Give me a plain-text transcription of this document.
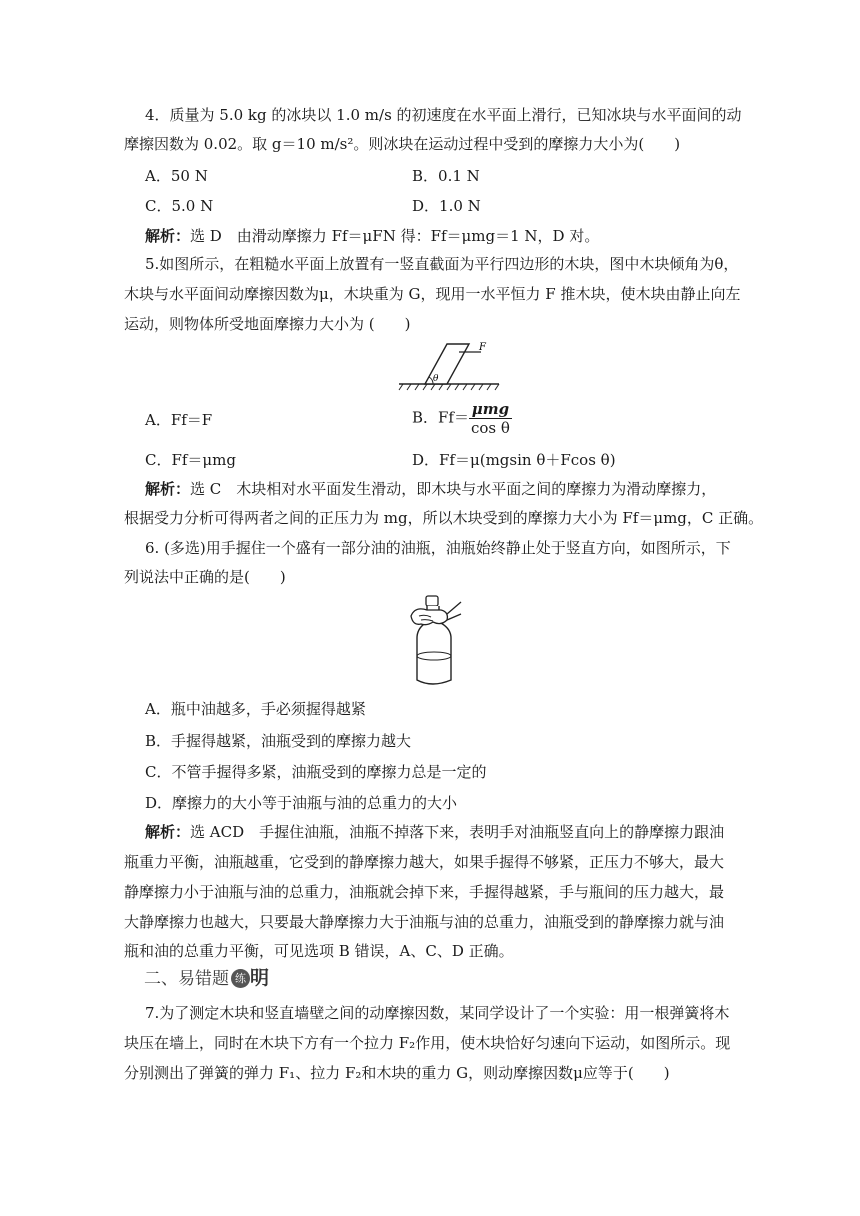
4．质量为 5.0 kg 的冰块以 1.0 m/s 的初速度在水平面上滑行，已知冰块与水平面间的动
摩擦因数为 0.02。取 g＝10 m/s²。则冰块在运动过程中受到的摩擦力大小为(　　)
A．50 N	B．0.1 N
C．5.0 N	D．1.0 N
解析：选 D　由滑动摩擦力 Ff＝μFN 得：Ff＝μmg＝1 N，D 对。
5.如图所示，在粗糙水平面上放置有一竖直截面为平行四边形的木块，图中木块倾角为θ，
木块与水平面间动摩擦因数为μ，木块重为 G，现用一水平恒力 F 推木块，使木块由静止向左
运动，则物体所受地面摩擦力大小为 (　　)
F
θ
A．Ff＝F	B．$Ff= \frac{\text{μmg}}{\text{cos θ}}$
C．Ff＝μmg	D．Ff＝μ(mgsin θ＋Fcos θ)
解析：选 C　木块相对水平面发生滑动，即木块与水平面之间的摩擦力为滑动摩擦力，
根据受力分析可得两者之间的正压力为 mg，所以木块受到的摩擦力大小为 Ff＝μmg，C 正确。
6. (多选)用手握住一个盛有一部分油的油瓶，油瓶始终静止处于竖直方向，如图所示，下
列说法中正确的是(　　)
A．瓶中油越多，手必须握得越紧
B．手握得越紧，油瓶受到的摩擦力越大
C．不管手握得多紧，油瓶受到的摩擦力总是一定的
D．摩擦力的大小等于油瓶与油的总重力的大小
解析：选 ACD　手握住油瓶，油瓶不掉落下来，表明手对油瓶竖直向上的静摩擦力跟油
瓶重力平衡，油瓶越重，它受到的静摩擦力越大，如果手握得不够紧，正压力不够大，最大
静摩擦力小于油瓶与油的总重力，油瓶就会掉下来，手握得越紧，手与瓶间的压力越大，最
大静摩擦力也越大，只要最大静摩擦力大于油瓶与油的总重力，油瓶受到的静摩擦力就与油
瓶和油的总重力平衡，可见选项 B 错误，A、C、D 正确。
二、易错题 练 明
7.为了测定木块和竖直墙壁之间的动摩擦因数，某同学设计了一个实验：用一根弹簧将木
块压在墙上，同时在木块下方有一个拉力 F₂作用，使木块恰好匀速向下运动，如图所示。现
分别测出了弹簧的弹力 F₁、拉力 F₂和木块的重力 G，则动摩擦因数μ应等于(　　)
